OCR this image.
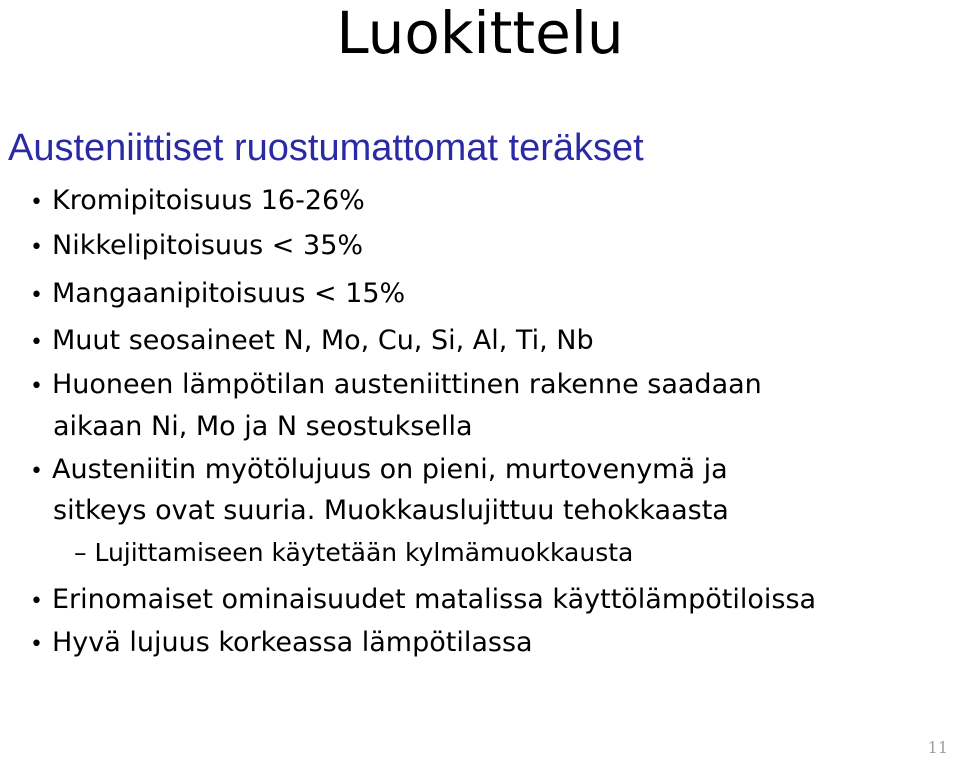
Luokittelu
Austeniittiset ruostumattomat teräkset
• Kromipitoisuus 16-26%
• Nikkelipitoisuus < 35%
• Mangaanipitoisuus < 15%
• Muut seosaineet N, Mo, Cu, Si, Al, Ti, Nb
• Huoneen lämpötilan austeniittinen rakenne saadaan
aikaan Ni, Mo ja N seostuksella
• Austeniitin myötölujuus on pieni, murtovenymä ja
sitkeys ovat suuria. Muokkauslujittuu tehokkaasta
– Lujittamiseen käytetään kylmämuokkausta
• Erinomaiset ominaisuudet matalissa käyttölämpötiloissa
• Hyvä lujuus korkeassa lämpötilassa
11
